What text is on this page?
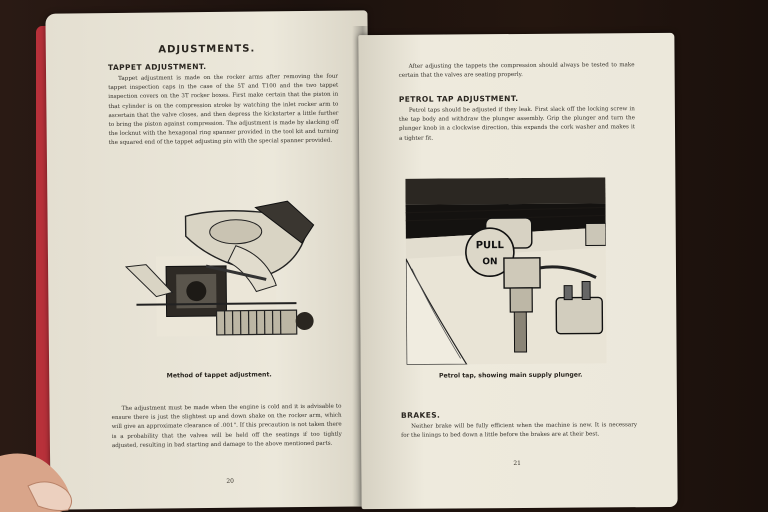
ADJUSTMENTS.
TAPPET ADJUSTMENT.
Tappet adjustment is made on the rocker arms after removing the four tappet inspection caps in the case of the 5T and T100 and the two tappet inspection covers on the 3T rocker boxes. First make certain that the piston in that cylinder is on the compression stroke by watching the inlet rocker arm to ascertain that the valve closes, and then depress the kickstarter a little further to bring the piston against compression. The adjustment is made by slacking off the locknut with the hexagonal ring spanner provided in the tool kit and turning the squared end of the tappet adjusting pin with the special spanner provided.
Method of tappet adjustment.
The adjustment must be made when the engine is cold and it is advisable to ensure there is just the slightest up and down shake on the rocker arm, which will give an approximate clearance of .001". If this precaution is not taken there is a probability that the valves will be held off the seatings if too tightly adjusted, resulting in bad starting and damage to the above mentioned parts.
20
After adjusting the tappets the compression should always be tested to make certain that the valves are seating properly.
PETROL TAP ADJUSTMENT.
Petrol taps should be adjusted if they leak. First slack off the locking screw in the tap body and withdraw the plunger assembly. Grip the plunger and turn the plunger knob in a clockwise direction, this expands the cork washer and makes it a tighter fit.
PULL
ON
Petrol tap, showing main supply plunger.
BRAKES.
Neither brake will be fully efficient when the machine is new. It is necessary for the linings to bed down a little before the brakes are at their best.
21
